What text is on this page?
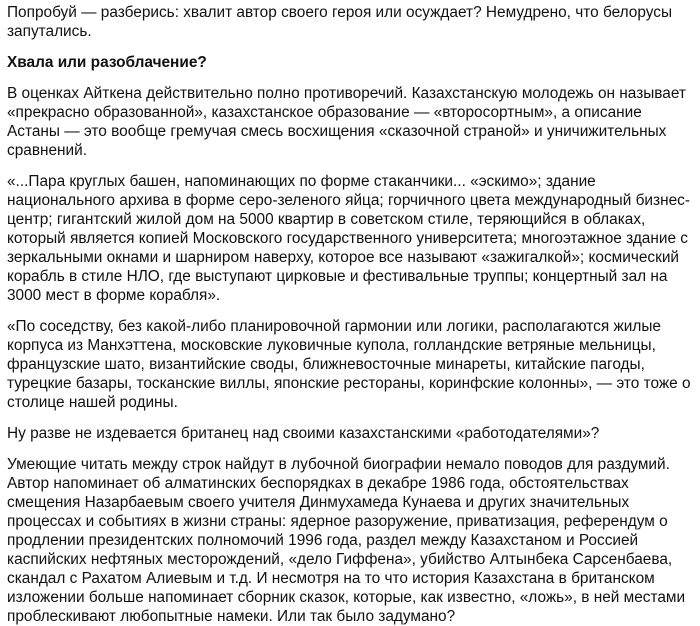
Попробуй — разберись: хвалит автор своего героя или осуждает? Немудрено, что белорусы запутались.

Хвала или разоблачение?

В оценках Айткена действительно полно противоречий. Казахстанскую молодежь он называет «прекрасно образованной», казахстанское образование — «второсортным», а описание Астаны — это вообще гремучая смесь восхищения «сказочной страной» и уничижительных сравнений.

«...Пара круглых башен, напоминающих по форме стаканчики... «эскимо»; здание национального архива в форме серо-зеленого яйца; горчичного цвета международный бизнес-центр; гигантский жилой дом на 5000 квартир в советском стиле, теряющийся в облаках, который является копией Московского государственного университета; многоэтажное здание с зеркальными окнами и шарниром наверху, которое все называют «зажигалкой»; космический корабль в стиле НЛО, где выступают цирковые и фестивальные труппы; концертный зал на 3000 мест в форме корабля».

«По соседству, без какой-либо планировочной гармонии или логики, располагаются жилые корпуса из Манхэттена, московские луковичные купола, голландские ветряные мельницы, французские шато, византийские своды, ближневосточные минареты, китайские пагоды, турецкие базары, тосканские виллы, японские рестораны, коринфские колонны», — это тоже о столице нашей родины.

Ну разве не издевается британец над своими казахстанскими «работодателями»?

Умеющие читать между строк найдут в лубочной биографии немало поводов для раздумий. Автор напоминает об алматинских беспорядках в декабре 1986 года, обстоятельствах смещения Назарбаевым своего учителя Динмухамеда Кунаева и других значительных процессах и событиях в жизни страны: ядерное разоружение, приватизация, референдум о продлении президентских полномочий 1996 года, раздел между Казахстаном и Россией каспийских нефтяных месторождений, «дело Гиффена», убийство Алтынбека Сарсенбаева, скандал с Рахатом Алиевым и т.д. И несмотря на то что история Казахстана в британском изложении больше напоминает сборник сказок, которые, как известно, «ложь», в ней местами проблескивают любопытные намеки. Или так было задумано?
